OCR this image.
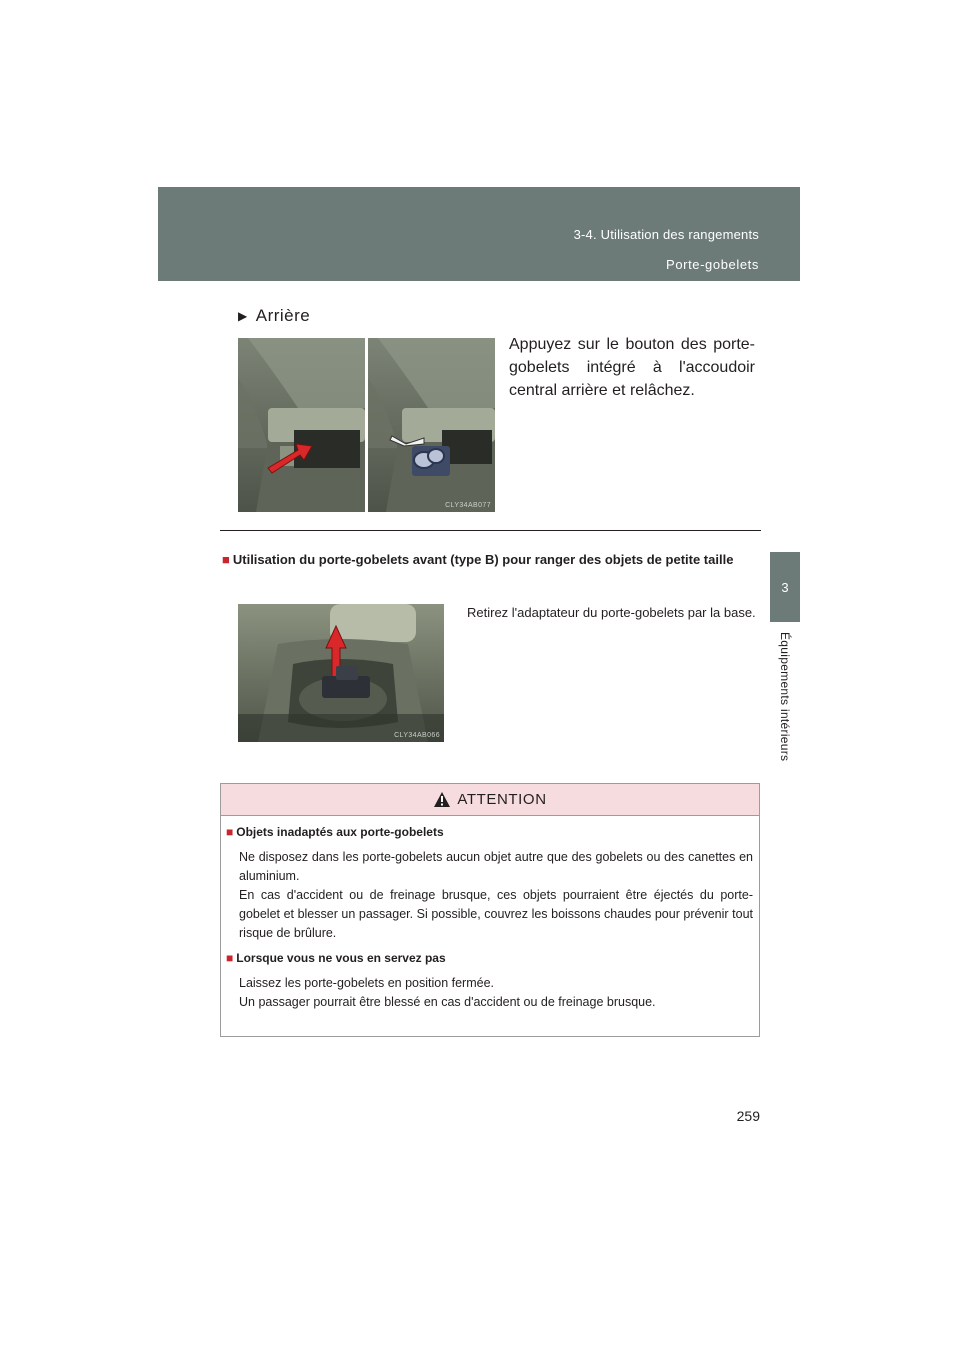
3-4. Utilisation des rangements
Porte-gobelets
3
Équipements intérieurs
▶ Arrière
CLY34AB077
Appuyez sur le bouton des porte-gobelets intégré à l'accoudoir central arrière et relâchez.
■ Utilisation du porte-gobelets avant (type B) pour ranger des objets de petite taille
CLY34AB066
Retirez l'adaptateur du porte-gobelets par la base.
ATTENTION
■ Objets inadaptés aux porte-gobelets
Ne disposez dans les porte-gobelets aucun objet autre que des gobelets ou des canettes en aluminium.
En cas d'accident ou de freinage brusque, ces objets pourraient être éjectés du porte-gobelet et blesser un passager. Si possible, couvrez les boissons chaudes pour prévenir tout risque de brûlure.
■ Lorsque vous ne vous en servez pas
Laissez les porte-gobelets en position fermée.
Un passager pourrait être blessé en cas d'accident ou de freinage brusque.
259
